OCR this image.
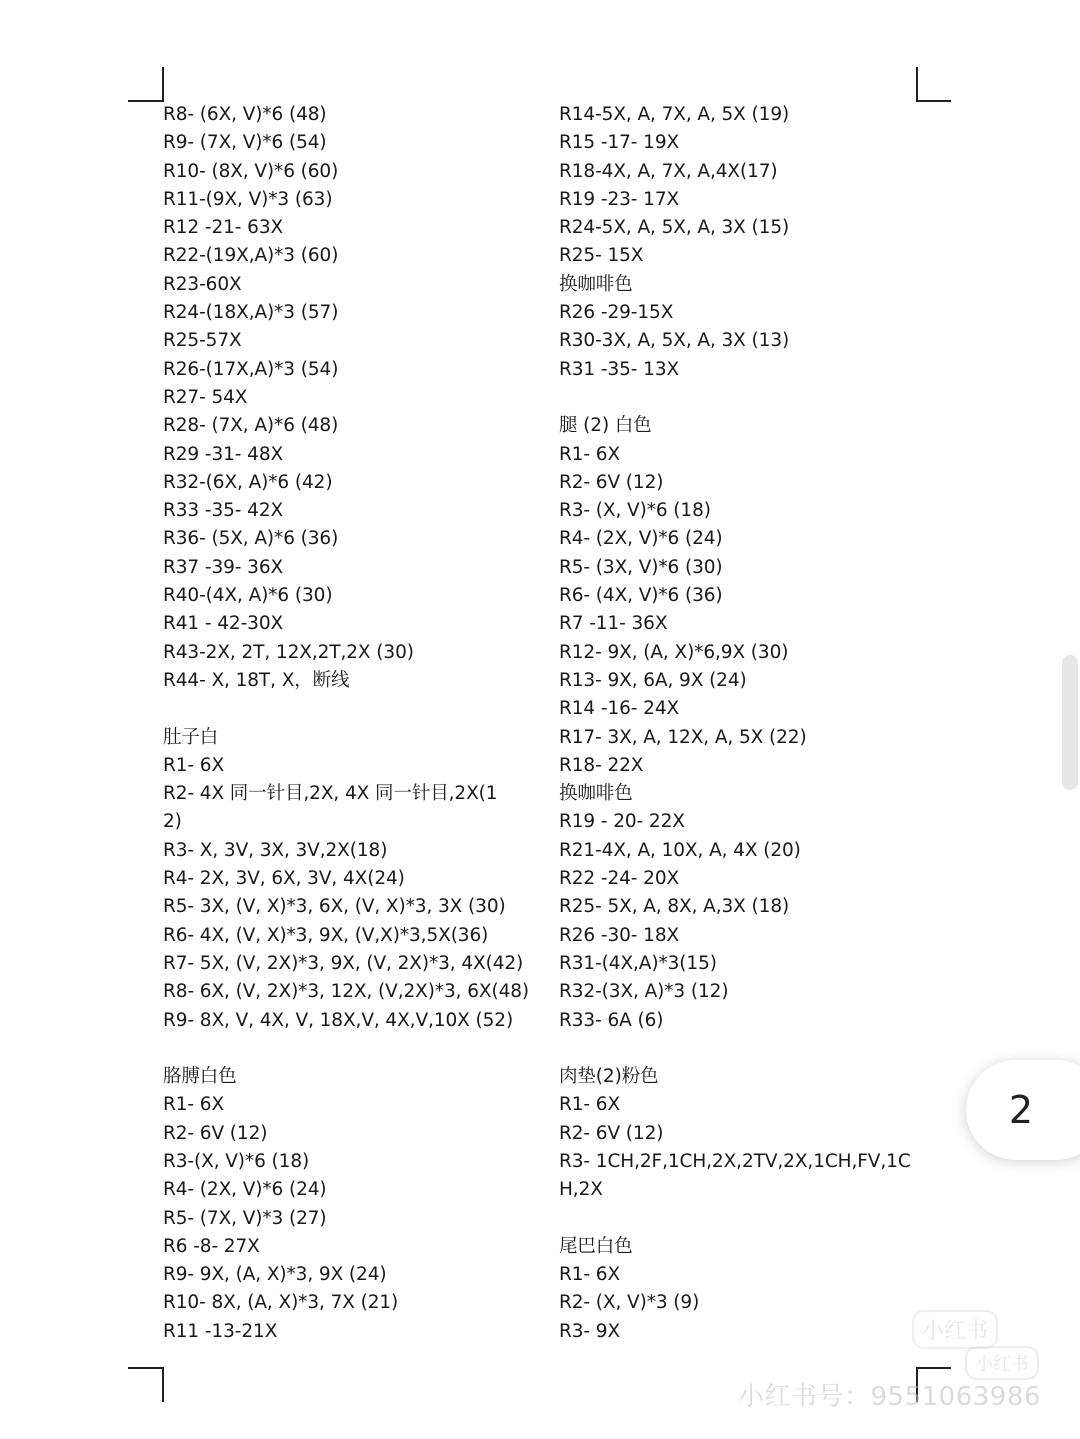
R8- (6X, V)*6 (48)
R9- (7X, V)*6 (54)
R10- (8X, V)*6 (60)
R11-(9X, V)*3 (63)
R12 -21- 63X
R22-(19X,A)*3 (60)
R23-60X
R24-(18X,A)*3 (57)
R25-57X
R26-(17X,A)*3 (54)
R27- 54X
R28- (7X, A)*6 (48)
R29 -31- 48X
R32-(6X, A)*6 (42)
R33 -35- 42X
R36- (5X, A)*6 (36)
R37 -39- 36X
R40-(4X, A)*6 (30)
R41 - 42-30X
R43-2X, 2T, 12X,2T,2X (30)
R44- X, 18T, X，断线
肚子白
R1- 6X
R2- 4X 同一针目,2X, 4X 同一针目,2X(1
2)
R3- X, 3V, 3X, 3V,2X(18)
R4- 2X, 3V, 6X, 3V, 4X(24)
R5- 3X, (V, X)*3, 6X, (V, X)*3, 3X (30)
R6- 4X, (V, X)*3, 9X, (V,X)*3,5X(36)
R7- 5X, (V, 2X)*3, 9X, (V, 2X)*3, 4X(42)
R8- 6X, (V, 2X)*3, 12X, (V,2X)*3, 6X(48)
R9- 8X, V, 4X, V, 18X,V, 4X,V,10X (52)
胳膊白色
R1- 6X
R2- 6V (12)
R3-(X, V)*6 (18)
R4- (2X, V)*6 (24)
R5- (7X, V)*3 (27)
R6 -8- 27X
R9- 9X, (A, X)*3, 9X (24)
R10- 8X, (A, X)*3, 7X (21)
R11 -13-21X
R14-5X, A, 7X, A, 5X (19)
R15 -17- 19X
R18-4X, A, 7X, A,4X(17)
R19 -23- 17X
R24-5X, A, 5X, A, 3X (15)
R25- 15X
换咖啡色
R26 -29-15X
R30-3X, A, 5X, A, 3X (13)
R31 -35- 13X
腿 (2) 白色
R1- 6X
R2- 6V (12)
R3- (X, V)*6 (18)
R4- (2X, V)*6 (24)
R5- (3X, V)*6 (30)
R6- (4X, V)*6 (36)
R7 -11- 36X
R12- 9X, (A, X)*6,9X (30)
R13- 9X, 6A, 9X (24)
R14 -16- 24X
R17- 3X, A, 12X, A, 5X (22)
R18- 22X
换咖啡色
R19 - 20- 22X
R21-4X, A, 10X, A, 4X (20)
R22 -24- 20X
R25- 5X, A, 8X, A,3X (18)
R26 -30- 18X
R31-(4X,A)*3(15)
R32-(3X, A)*3 (12)
R33- 6A (6)
肉垫(2)粉色
R1- 6X
R2- 6V (12)
R3- 1CH,2F,1CH,2X,2TV,2X,1CH,FV,1C
H,2X
尾巴白色
R1- 6X
R2- (X, V)*3 (9)
R3- 9X
2
小红书
小红书
小红书号：9551063986
